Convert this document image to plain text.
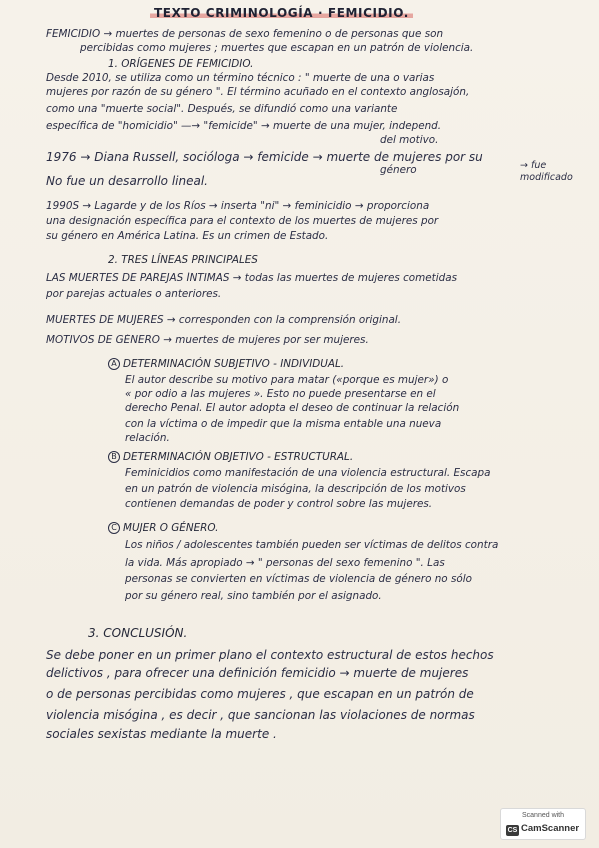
TEXTO CRIMINOLOGÍA · FEMICIDIO.
FEMICIDIO → muertes de personas de sexo femenino o de personas que son
percibidas como mujeres ; muertes que escapan en un patrón de violencia.
1. ORÍGENES DE FEMICIDIO.
Desde 2010, se utiliza como un término técnico : " muerte de una o varias
mujeres por razón de su género ". El término acuñado en el contexto anglosajón,
como una "muerte social". Después, se difundió como una variante
específica de "homicidio" —→ "femicide" → muerte de una mujer, independ.
del motivo.
1976 → Diana Russell, socióloga → femicide → muerte de mujeres por su
género
No fue un desarrollo lineal.
→ fue modificado
1990S → Lagarde y de los Ríos → inserta "ni" → feminicidio → proporciona
una designación específica para el contexto de los muertes de mujeres por
su género en América Latina. Es un crimen de Estado.
2. TRES LÍNEAS PRINCIPALES
LAS MUERTES DE PAREJAS ÍNTIMAS → todas las muertes de mujeres cometidas
por parejas actuales o anteriores.
MUERTES DE MUJERES → corresponden con la comprensión original.
MOTIVOS DE GÉNERO → muertes de mujeres por ser mujeres.
A DETERMINACIÓN SUBJETIVO - INDIVIDUAL.
El autor describe su motivo para matar («porque es mujer») o
« por odio a las mujeres ». Esto no puede presentarse en el
derecho Penal. El autor adopta el deseo de continuar la relación
con la víctima o de impedir que la misma entable una nueva
relación.
B DETERMINACIÓN OBJETIVO - ESTRUCTURAL.
Feminicidios como manifestación de una violencia estructural. Escapa
en un patrón de violencia misógina, la descripción de los motivos
contienen demandas de poder y control sobre las mujeres.
C MUJER O GÉNERO.
Los niños / adolescentes también pueden ser víctimas de delitos contra
la vida. Más apropiado → " personas del sexo femenino ". Las
personas se convierten en víctimas de violencia de género no sólo
por su género real, sino también por el asignado.
3. CONCLUSIÓN.
Se debe poner en un primer plano el contexto estructural de estos hechos
delictivos , para ofrecer una definición femicidio → muerte de mujeres
o de personas percibidas como mujeres , que escapan en un patrón de
violencia misógina , es decir , que sancionan las violaciones de normas
sociales sexistas mediante la muerte .
Scanned with
CS CamScanner
